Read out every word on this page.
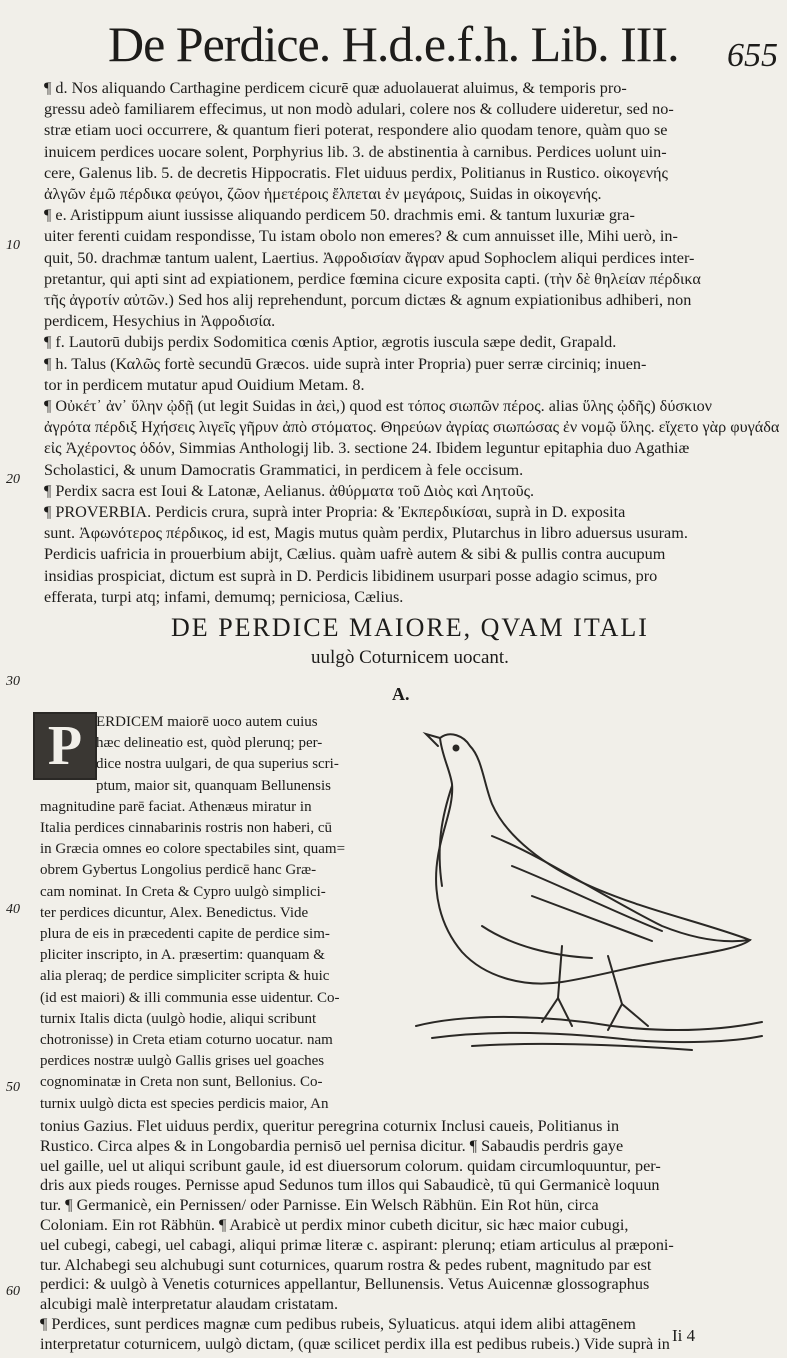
De Perdice. H.d.e.f.h. Lib. III. 655
¶ d. Nos aliquando Carthagine perdicem cicurē quæ aduolauerat aluimus, & temporis pro-
gressu adeò familiarem effecimus, ut non modò adulari, colere nos & colludere uideretur, sed no-
stræ etiam uoci occurrere, & quantum fieri poterat, respondere alio quodam tenore, quàm quo se
inuicem perdices uocare solent, Porphyrius lib. 3. de abstinentia à carnibus. Perdices uolunt uin-
cere, Galenus lib. 5. de decretis Hippocratis. Flet uiduus perdix, Politianus in Rustico. οἰκογενής
ἀλγῶν ἐμῶ πέρδικα φεύγοι, ζῶον ἡμετέροις ἔλπεται ἐν μεγάροις, Suidas in οἰκογενής.
¶ e. Aristippum aiunt iussisse aliquando perdicem 50. drachmis emi. & tantum luxuriæ gra-
uiter ferenti cuidam respondisse, Tu istam obolo non emeres? & cum annuisset ille, Mihi uerò, in-
quit, 50. drachmæ tantum ualent, Laertius. Ἀφροδισίαν ἄγραν apud Sophoclem aliqui perdices inter-
pretantur, qui apti sint ad expiationem, perdice fœmina cicure exposita capti. (τὴν δὲ θηλείαν πέρδικα
τῆς ἀγροτίν αὐτῶν.) Sed hos alij reprehendunt, porcum dictæs & agnum expiationibus adhiberi, non
perdicem, Hesychius in Ἀφροδισία.
¶ f. Lautorū dubijs perdix Sodomitica cœnis Aptior, ægrotis iuscula sæpe dedit, Grapald.
¶ h. Talus (Καλῶς fortè secundū Græcos. uide suprà inter Propria) puer serræ circiniq; inuen-
tor in perdicem mutatur apud Ouidium Metam. 8.
¶ Οὐκέτ᾽ ἀν᾽ ὕλην ᾠδῇ (ut legit Suidas in ἀεὶ,) quod est τόπος σιωπῶν πέρος. alias ὕλης ᾠδῆς) δύσκιον
ἀγρότα πέρδιξ Ηχήσεις λιγεῖς γῆρυν ἀπὸ στόματος. Θηρεύων ἀγρίας σιωπώσας ἐν νομῷ ὕλης. εἴχετο γὰρ φυγάδα
εἰς Ἀχέροντος ὁδόν, Simmias Anthologij lib. 3. sectione 24. Ibidem leguntur epitaphia duo Agathiæ
Scholastici, & unum Damocratis Grammatici, in perdicem à fele occisum.
¶ Perdix sacra est Ioui & Latonæ, Aelianus. ἀθύρματα τοῦ Διὸς καὶ Λητοῦς.
¶ PROVERBIA. Perdicis crura, suprà inter Propria: & Ἐκπερδικίσαι, suprà in D. exposita
sunt. Ἀφωνότερος πέρδικος, id est, Magis mutus quàm perdix, Plutarchus in libro aduersus usuram.
Perdicis uafricia in prouerbium abijt, Cælius. quàm uafrè autem & sibi & pullis contra aucupum
insidias prospiciat, dictum est suprà in D. Perdicis libidinem usurpari posse adagio scimus, pro
efferata, turpi atq; infami, demumq; perniciosa, Cælius.
10
20
30
40
50
60
DE PERDICE MAIORE, QVAM ITALI
uulgò Coturnicem uocant.
A.
P ERDICEM maiorē uoco autem cuius
hæc delineatio est, quòd plerunq; per-
dice nostra uulgari, de qua superius scri-
ptum, maior sit, quanquam Bellunensis
magnitudine parē faciat. Athenæus miratur in
Italia perdices cinnabarinis rostris non haberi, cū
in Græcia omnes eo colore spectabiles sint, quam=
obrem Gybertus Longolius perdicē hanc Græ-
cam nominat. In Creta & Cypro uulgò simplici-
ter perdices dicuntur, Alex. Benedictus. Vide
plura de eis in præcedenti capite de perdice sim-
pliciter inscripto, in A. præsertim: quanquam &
alia pleraq; de perdice simpliciter scripta & huic
(id est maiori) & illi communia esse uidentur. Co-
turnix Italis dicta (uulgò hodie, aliqui scribunt
chotronisse) in Creta etiam coturno uocatur. nam
perdices nostræ uulgò Gallis grises uel goaches
cognominatæ in Creta non sunt, Bellonius. Co-
turnix uulgò dicta est species perdicis maior, An
tonius Gazius. Flet uiduus perdix, queritur peregrina coturnix Inclusi caueis, Politianus in
Rustico. Circa alpes & in Longobardia pernisō uel pernisa dicitur. ¶ Sabaudis perdris gaye
uel gaille, uel ut aliqui scribunt gaule, id est diuersorum colorum. quidam circumloquuntur, per-
dris aux pieds rouges. Pernisse apud Sedunos tum illos qui Sabaudicè, tū qui Germanicè loquun
tur. ¶ Germanicè, ein Pernissen/ oder Parnisse. Ein Welsch Räbhün. Ein Rot hün, circa
Coloniam. Ein rot Räbhün. ¶ Arabicè ut perdix minor cubeth dicitur, sic hæc maior cubugi,
uel cubegi, cabegi, uel cabagi, aliqui primæ literæ c. aspirant: plerunq; etiam articulus al præponi-
tur. Alchabegi seu alchubugi sunt coturnices, quarum rostra & pedes rubent, magnitudo par est
perdici: & uulgò à Venetis coturnices appellantur, Bellunensis. Vetus Auicennæ glossographus
alcubigi malè interpretatur alaudam cristatam.
¶ Perdices, sunt perdices magnæ cum pedibus rubeis, Syluaticus. atqui idem alibi attagēnem
interpretatur coturnicem, uulgò dictam, (quæ scilicet perdix illa est pedibus rubeis.) Vide suprà in Ii 4
